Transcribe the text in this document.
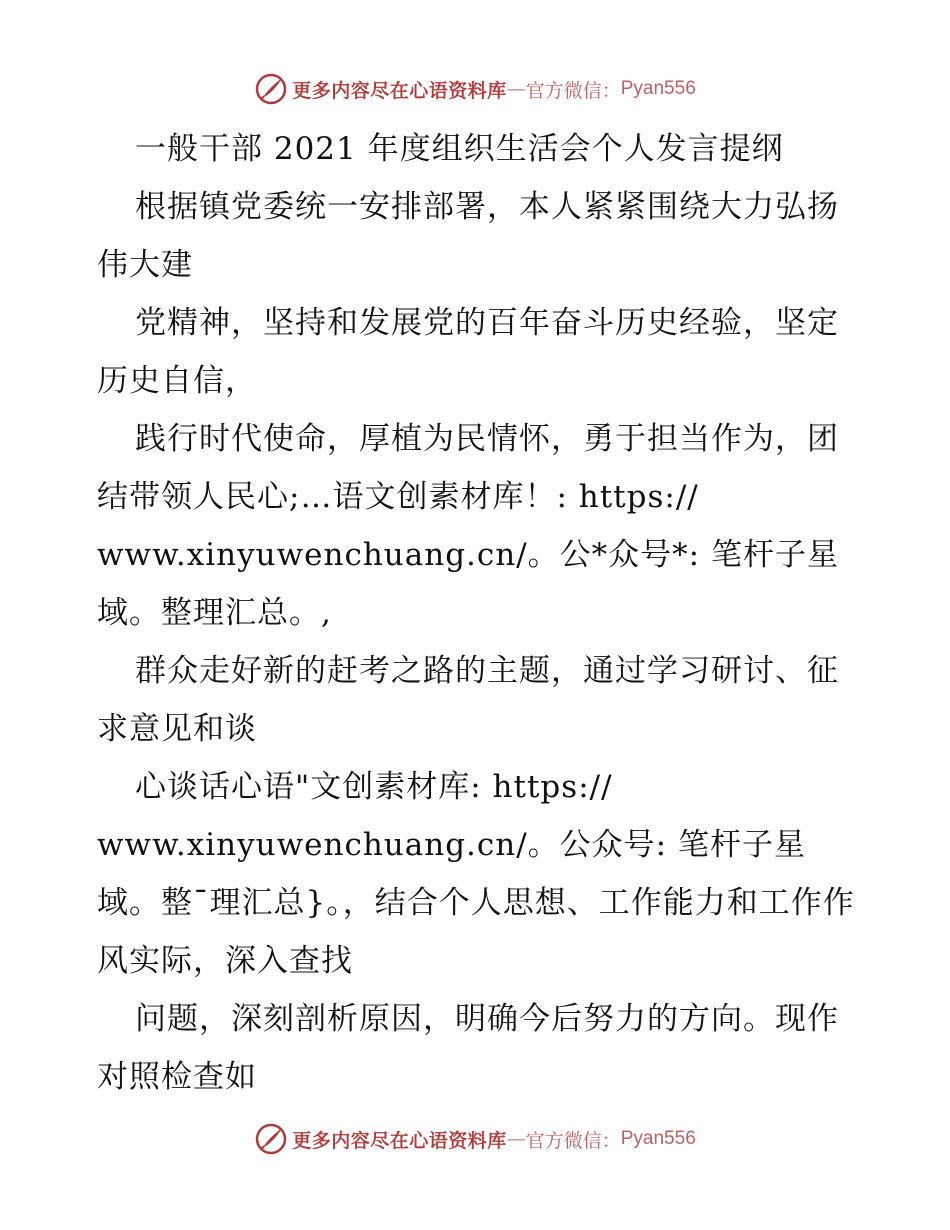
更多内容尽在心语资料库 — 官方微信： Pyan556

一般干部 2021 年度组织生活会个人发言提纲

根据镇党委统一安排部署，本人紧紧围绕大力弘扬伟大建

党精神，坚持和发展党的百年奋斗历史经验，坚定历史自信，

践行时代使命，厚植为民情怀，勇于担当作为，团结带领人民心;…语文创素材库！: https://

www.xinyuwenchuang.cn/。公*众号*: 笔杆子星域。整理汇总。,

群众走好新的赶考之路的主题，通过学习研讨、征求意见和谈

心谈话心语"文创素材库: https://

www.xinyuwenchuang.cn/。公众号: 笔杆子星域。整¯理汇总}。，结合个人思想、工作能力和工作作风实际，深入查找

问题，深刻剖析原因，明确今后努力的方向。现作对照检查如

更多内容尽在心语资料库 — 官方微信： Pyan556
